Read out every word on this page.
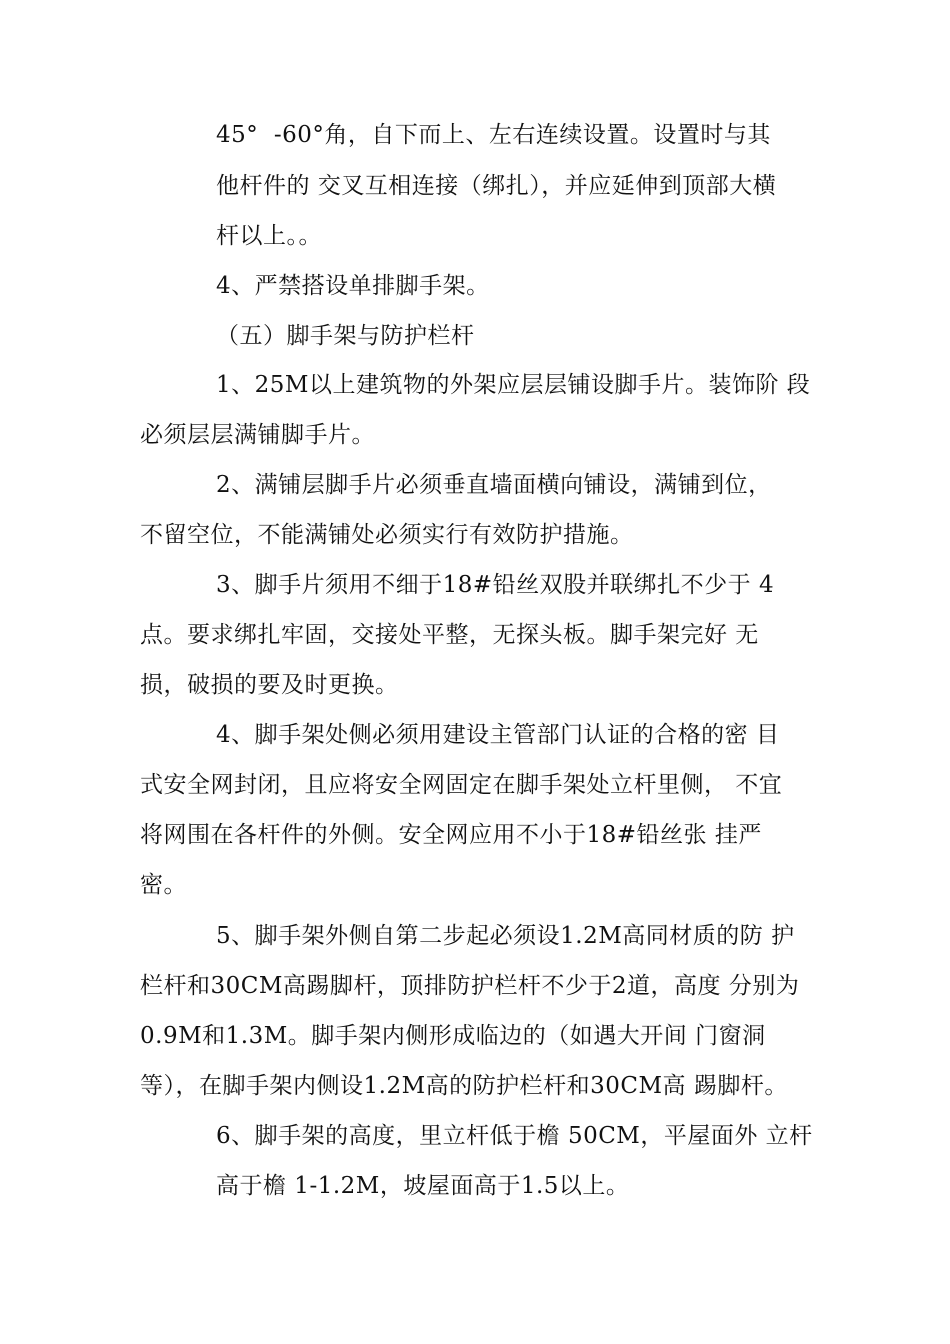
45°  -60°角，自下而上、左右连续设置。设置时与其
他杆件的 交叉互相连接（绑扎），并应延伸到顶部大横
杆以上。。
4、严禁搭设单排脚手架。
（五）脚手架与防护栏杆
1、25M以上建筑物的外架应层层铺设脚手片。装饰阶 段
必须层层满铺脚手片。
2、满铺层脚手片必须垂直墙面横向铺设，满铺到位，
不留空位，不能满铺处必须实行有效防护措施。
3、脚手片须用不细于18#铅丝双股并联绑扎不少于 4
点。要求绑扎牢固，交接处平整，无探头板。脚手架完好 无
损，破损的要及时更换。
4、脚手架处侧必须用建设主管部门认证的合格的密 目
式安全网封闭，且应将安全网固定在脚手架处立杆里侧， 不宜
将网围在各杆件的外侧。安全网应用不小于18#铅丝张 挂严
密。
5、脚手架外侧自第二步起必须设1.2M高同材质的防 护
栏杆和30CM高踢脚杆，顶排防护栏杆不少于2道，高度 分别为
0.9M和1.3M。脚手架内侧形成临边的（如遇大开间 门窗洞
等），在脚手架内侧设1.2M高的防护栏杆和30CM高 踢脚杆。
6、脚手架的高度，里立杆低于檐 50CM，平屋面外 立杆
高于檐 1-1.2M，坡屋面高于1.5以上。
